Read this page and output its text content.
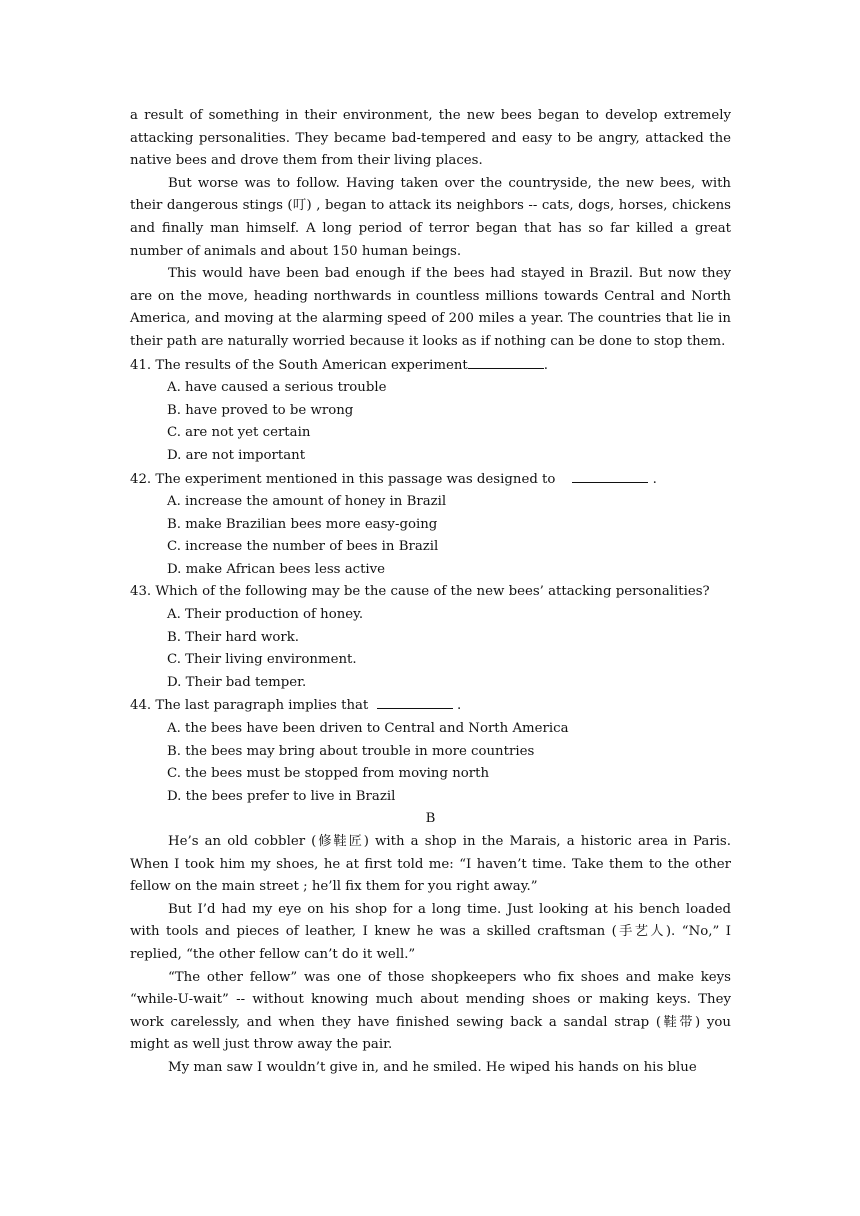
a result of something in their environment, the new bees began to develop extremely attacking personalities. They became bad-tempered and easy to be angry, attacked the native bees and drove them from their living places.

But worse was to follow. Having taken over the countryside, the new bees, with their dangerous stings (叮) , began to attack its neighbors -- cats, dogs, horses, chickens and finally man himself. A long period of terror began that has so far killed a great number of animals and about 150 human beings.

This would have been bad enough if the bees had stayed in Brazil. But now they are on the move, heading northwards in countless millions towards Central and North America, and moving at the alarming speed of 200 miles a year. The countries that lie in their path are naturally worried because it looks as if nothing can be done to stop them.

41. The results of the South American experiment	.

A. have caused a serious trouble

B. have proved to be wrong

C. are not yet certain

D. are not important

42. The experiment mentioned in this passage was designed to	.

A. increase the amount of honey in Brazil

B. make Brazilian bees more easy-going

C. increase the number of bees in Brazil

D. make African bees less active

43. Which of the following may be the cause of the new bees’ attacking personalities?

A. Their production of honey.

B. Their hard work.

C. Their living environment.

D. Their bad temper.

44. The last paragraph implies that	.

A. the bees have been driven to Central and North America

B. the bees may bring about trouble in more countries

C. the bees must be stopped from moving north

D. the bees prefer to live in Brazil

B

He’s an old cobbler (修鞋匠) with a shop in the Marais, a historic area in Paris. When I took him my shoes, he at first told me: “I haven’t time. Take them to the other fellow on the main street ; he’ll fix them for you right away.”

But I’d had my eye on his shop for a long time. Just looking at his bench loaded with tools and pieces of leather, I knew he was a skilled craftsman (手艺人). “No,” I replied, “the other fellow can’t do it well.”

“The other fellow” was one of those shopkeepers who fix shoes and make keys “while-U-wait” -- without knowing much about mending shoes or making keys. They work carelessly, and when they have finished sewing back a sandal strap (鞋带) you might as well just throw away the pair.

My man saw I wouldn’t give in, and he smiled. He wiped his hands on his blue
